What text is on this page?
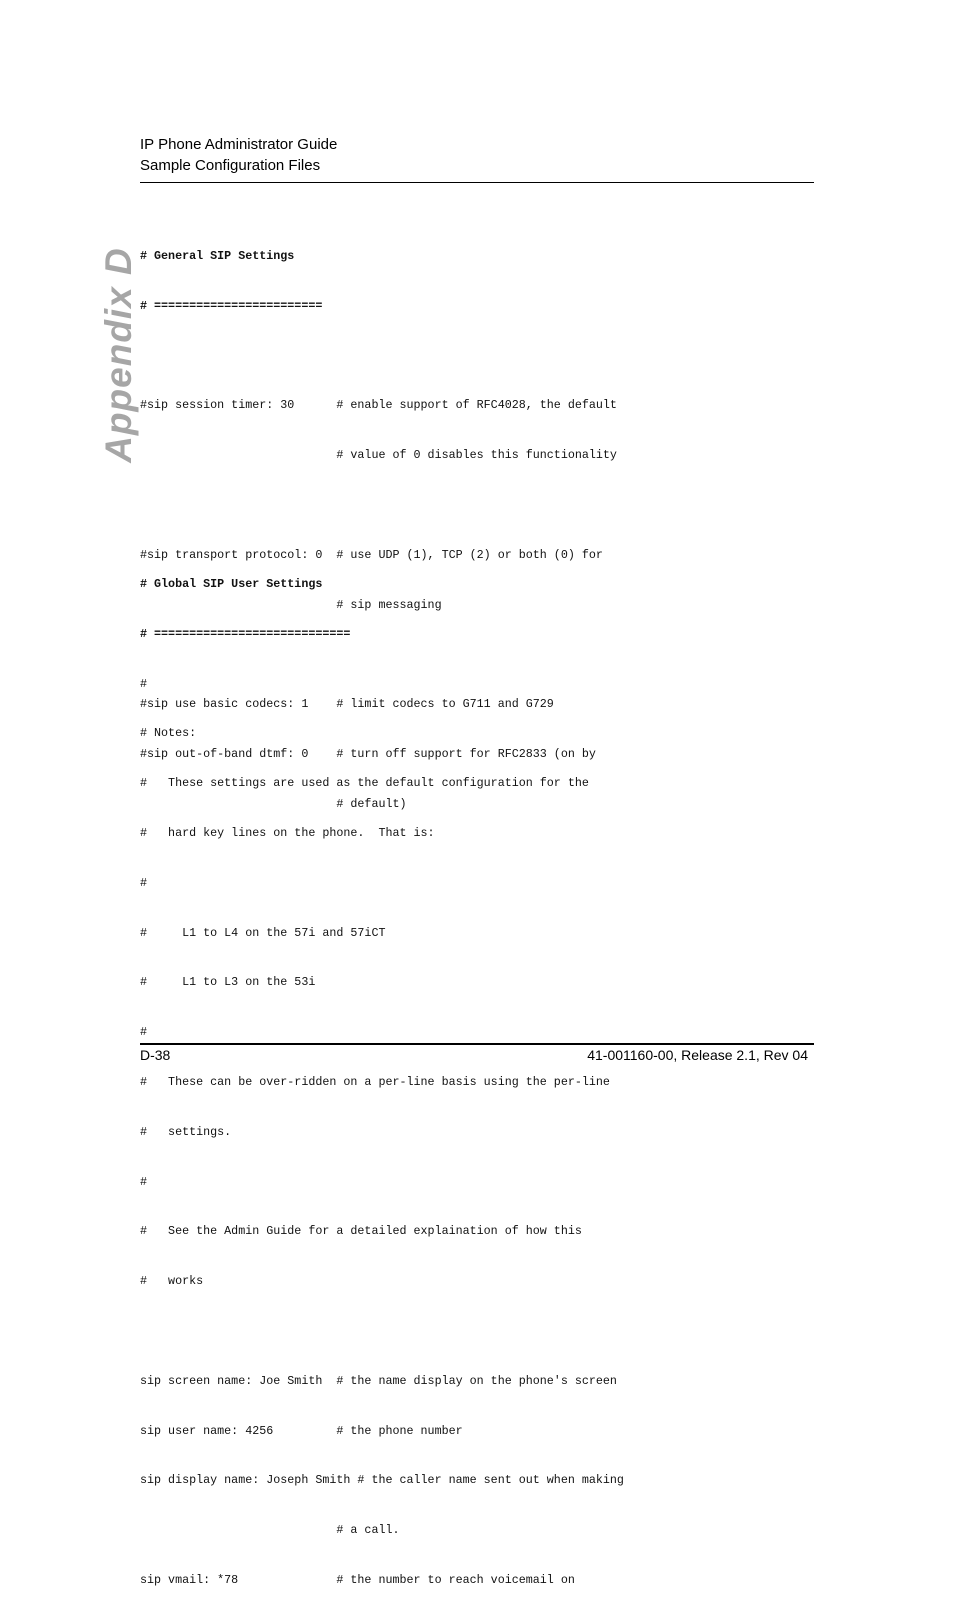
IP Phone Administrator Guide
Sample Configuration Files
Appendix D

# General SIP Settings

# ========================

#sip session timer: 30      # enable support of RFC4028, the default

# value of 0 disables this functionality

#sip transport protocol: 0  # use UDP (1), TCP (2) or both (0) for

# sip messaging

#sip use basic codecs: 1    # limit codecs to G711 and G729

#sip out-of-band dtmf: 0    # turn off support for RFC2833 (on by

# default)

# Global SIP User Settings

# ============================

#

# Notes:

#   These settings are used as the default configuration for the

#   hard key lines on the phone.  That is:

#

#     L1 to L4 on the 57i and 57iCT

#     L1 to L3 on the 53i

#

#   These can be over-ridden on a per-line basis using the per-line

#   settings.

#

#   See the Admin Guide for a detailed explaination of how this

#   works

sip screen name: Joe Smith  # the name display on the phone's screen

sip user name: 4256         # the phone number

sip display name: Joseph Smith # the caller name sent out when making

# a call.

sip vmail: *78              # the number to reach voicemail on

D-38	41-001160-00, Release 2.1, Rev 04
